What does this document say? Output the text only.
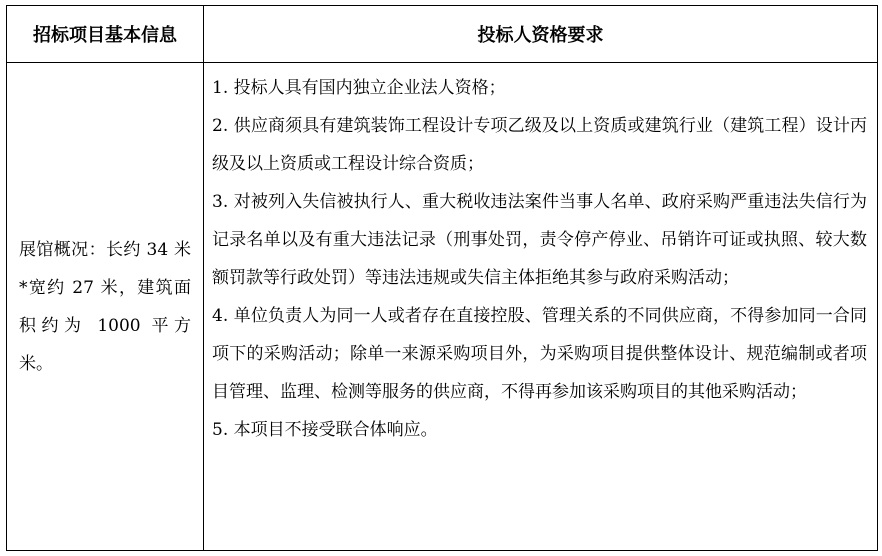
招标项目基本信息	投标人资格要求
展馆概况：长约 34 米*宽约 27 米，建筑面积约为 1000 平方米。	1. 投标人具有国内独立企业法人资格；
2. 供应商须具有建筑装饰工程设计专项乙级及以上资质或建筑行业（建筑工程）设计丙级及以上资质或工程设计综合资质；
3. 对被列入失信被执行人、重大税收违法案件当事人名单、政府采购严重违法失信行为记录名单以及有重大违法记录（刑事处罚，责令停产停业、吊销许可证或执照、较大数额罚款等行政处罚）等违法违规或失信主体拒绝其参与政府采购活动；
4. 单位负责人为同一人或者存在直接控股、管理关系的不同供应商，不得参加同一合同项下的采购活动；除单一来源采购项目外，为采购项目提供整体设计、规范编制或者项目管理、监理、检测等服务的供应商，不得再参加该采购项目的其他采购活动；
5. 本项目不接受联合体响应。
